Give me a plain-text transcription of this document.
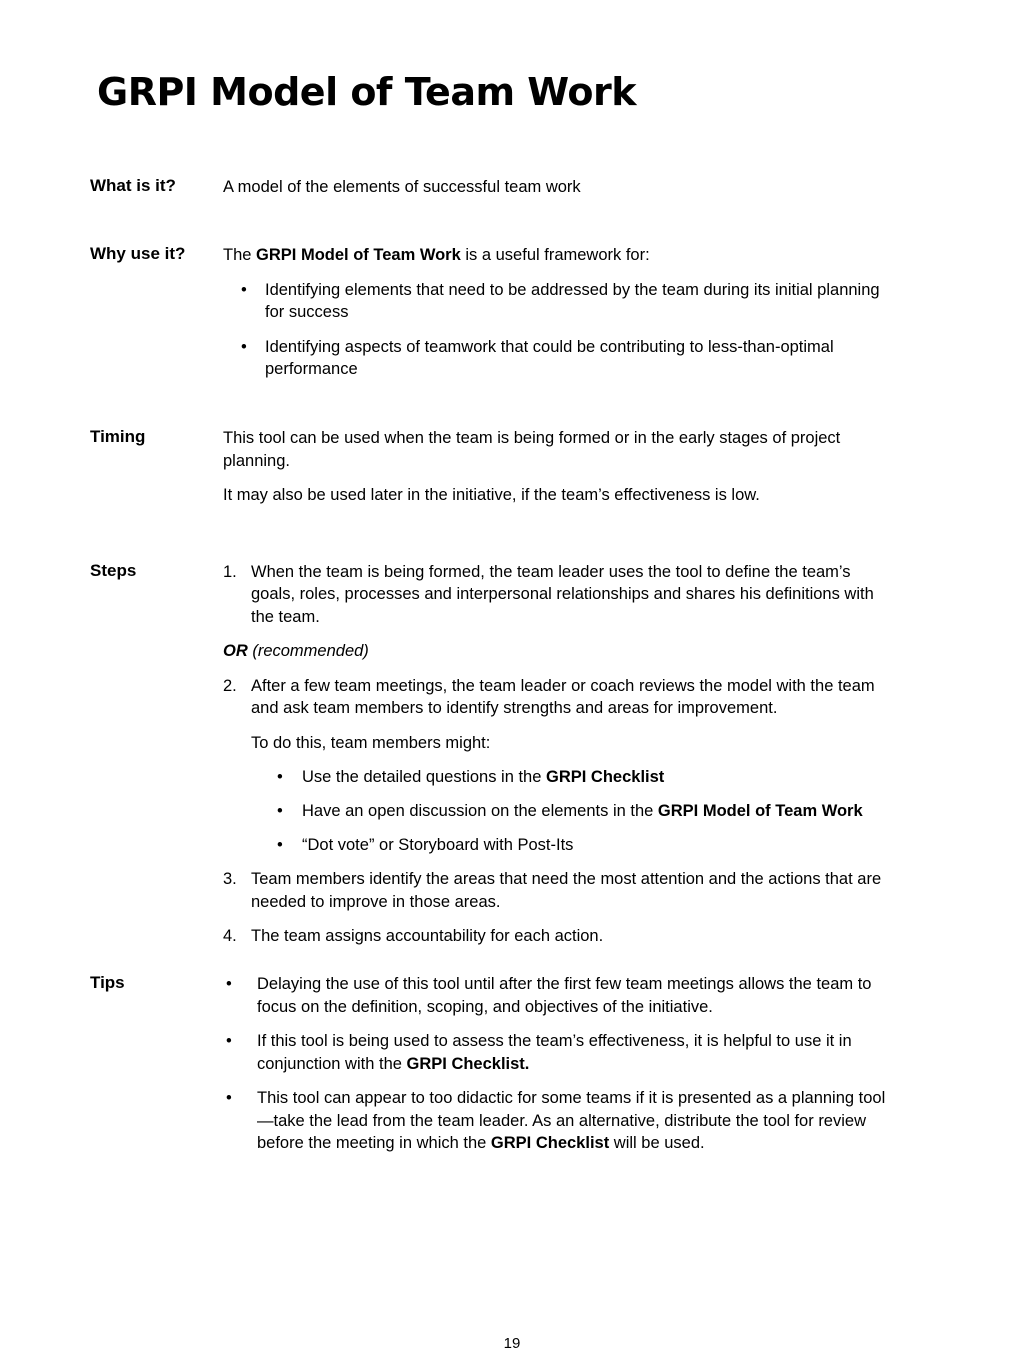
GRPI Model of Team Work
What is it?	A model of the elements of successful team work
Why use it? The GRPI Model of Team Work is a useful framework for:
• Identifying elements that need to be addressed by the team during its initial planning
for success
• Identifying aspects of teamwork that could be contributing to less-than-optimal
performance
Timing	This tool can be used when the team is being formed or in the early stages of project
planning.
It may also be used later in the initiative, if the team’s effectiveness is low.
Steps	1. When the team is being formed, the team leader uses the tool to define the team’s
goals, roles, processes and interpersonal relationships and shares his definitions with
the team.
OR (recommended)
2. After a few team meetings, the team leader or coach reviews the model with the team
and ask team members to identify strengths and areas for improvement.
To do this, team members might:
• Use the detailed questions in the GRPI Checklist
• Have an open discussion on the elements in the GRPI Model of Team Work
• “Dot vote” or Storyboard with Post-Its
3. Team members identify the areas that need the most attention and the actions that are
needed to improve in those areas.
4. The team assigns accountability for each action.
Tips	• Delaying the use of this tool until after the first few team meetings allows the team to
focus on the definition, scoping, and objectives of the initiative.
• If this tool is being used to assess the team’s effectiveness, it is helpful to use it in
conjunction with the GRPI Checklist.
• This tool can appear to too didactic for some teams if it is presented as a planning tool
—take the lead from the team leader. As an alternative, distribute the tool for review
before the meeting in which the GRPI Checklist will be used.
19
